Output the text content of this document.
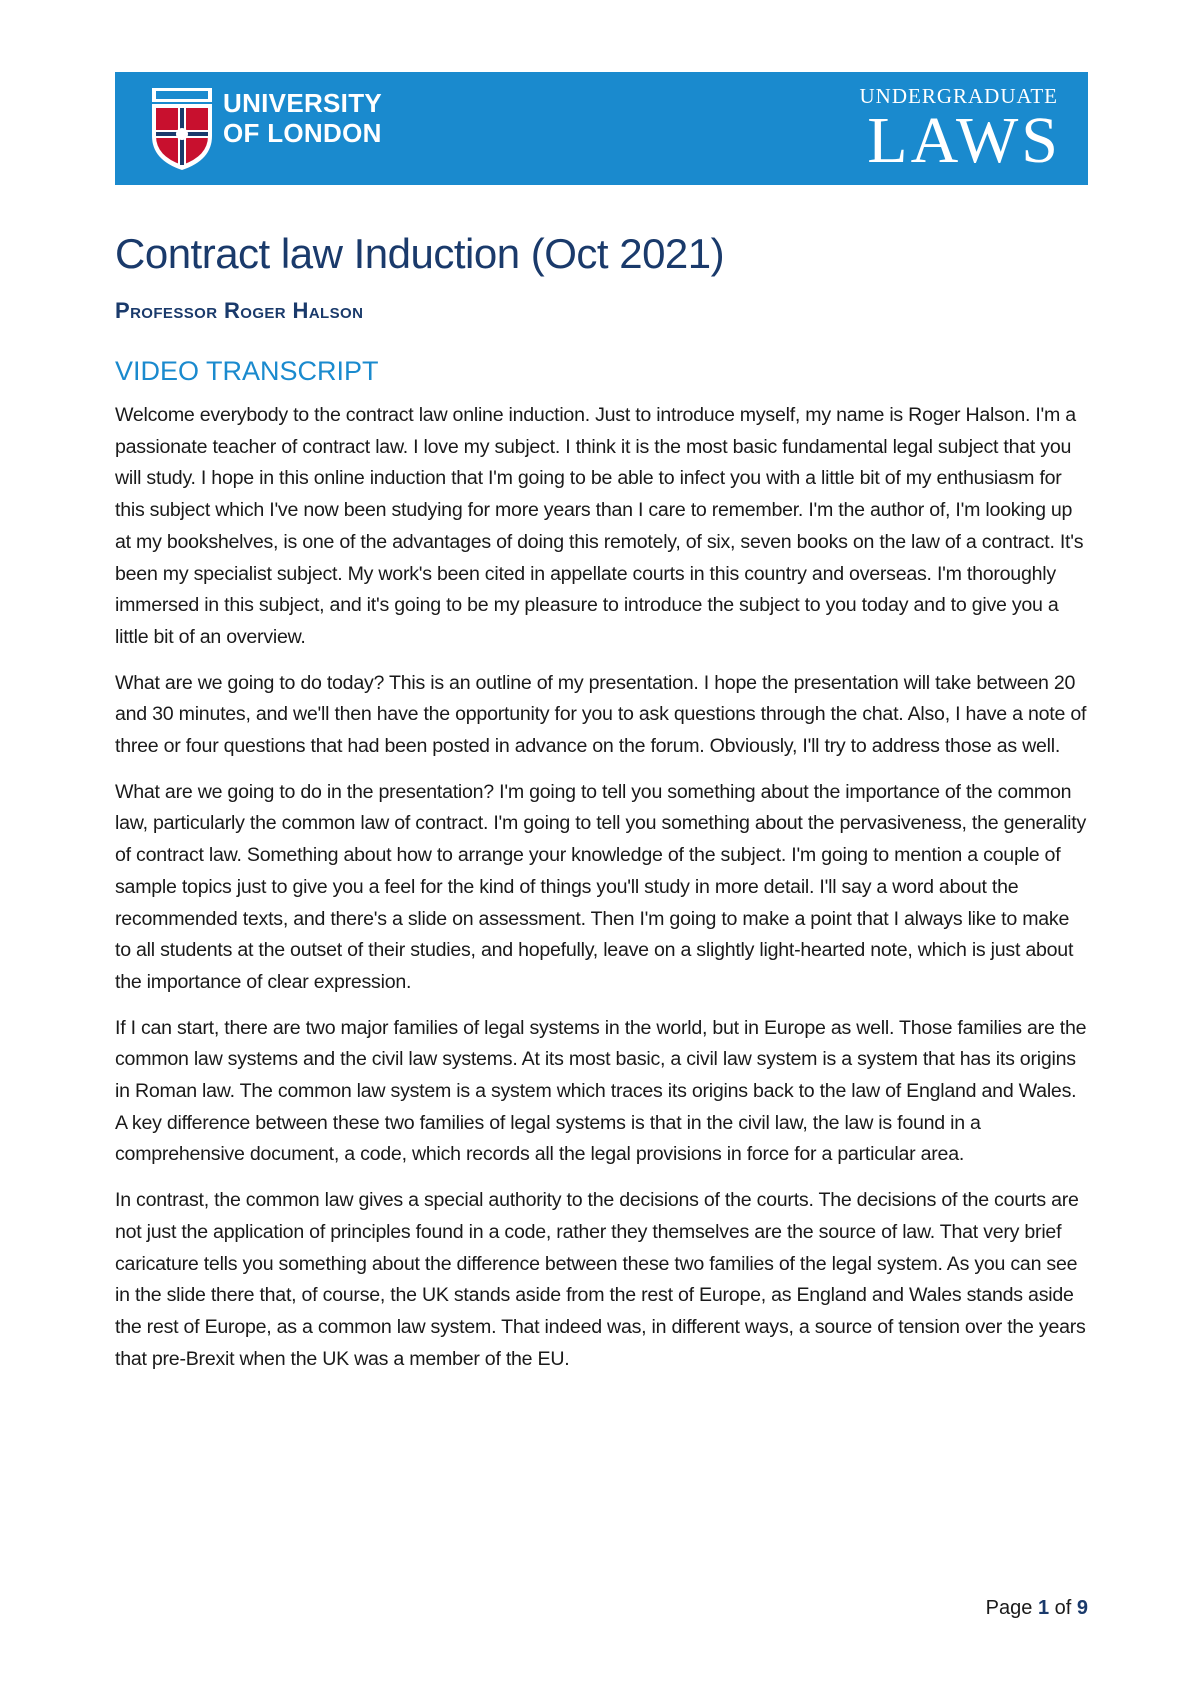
UNIVERSITY
OF LONDON
UNDERGRADUATE
LAWS
Contract law Induction (Oct 2021)
Professor Roger Halson
VIDEO TRANSCRIPT

Welcome everybody to the contract law online induction. Just to introduce myself, my name is Roger Halson. I'm a passionate teacher of contract law. I love my subject. I think it is the most basic fundamental legal subject that you will study. I hope in this online induction that I'm going to be able to infect you with a little bit of my enthusiasm for this subject which I've now been studying for more years than I care to remember. I'm the author of, I'm looking up at my bookshelves, is one of the advantages of doing this remotely, of six, seven books on the law of a contract. It's been my specialist subject. My work's been cited in appellate courts in this country and overseas. I'm thoroughly immersed in this subject, and it's going to be my pleasure to introduce the subject to you today and to give you a little bit of an overview.

What are we going to do today? This is an outline of my presentation. I hope the presentation will take between 20 and 30 minutes, and we'll then have the opportunity for you to ask questions through the chat. Also, I have a note of three or four questions that had been posted in advance on the forum. Obviously, I'll try to address those as well.

What are we going to do in the presentation? I'm going to tell you something about the importance of the common law, particularly the common law of contract. I'm going to tell you something about the pervasiveness, the generality of contract law. Something about how to arrange your knowledge of the subject. I'm going to mention a couple of sample topics just to give you a feel for the kind of things you'll study in more detail. I'll say a word about the recommended texts, and there's a slide on assessment. Then I'm going to make a point that I always like to make to all students at the outset of their studies, and hopefully, leave on a slightly light-hearted note, which is just about the importance of clear expression.

If I can start, there are two major families of legal systems in the world, but in Europe as well. Those families are the common law systems and the civil law systems. At its most basic, a civil law system is a system that has its origins in Roman law. The common law system is a system which traces its origins back to the law of England and Wales. A key difference between these two families of legal systems is that in the civil law, the law is found in a comprehensive document, a code, which records all the legal provisions in force for a particular area.

In contrast, the common law gives a special authority to the decisions of the courts. The decisions of the courts are not just the application of principles found in a code, rather they themselves are the source of law. That very brief caricature tells you something about the difference between these two families of the legal system. As you can see in the slide there that, of course, the UK stands aside from the rest of Europe, as England and Wales stands aside the rest of Europe, as a common law system. That indeed was, in different ways, a source of tension over the years that pre-Brexit when the UK was a member of the EU.

Page 1 of 9
